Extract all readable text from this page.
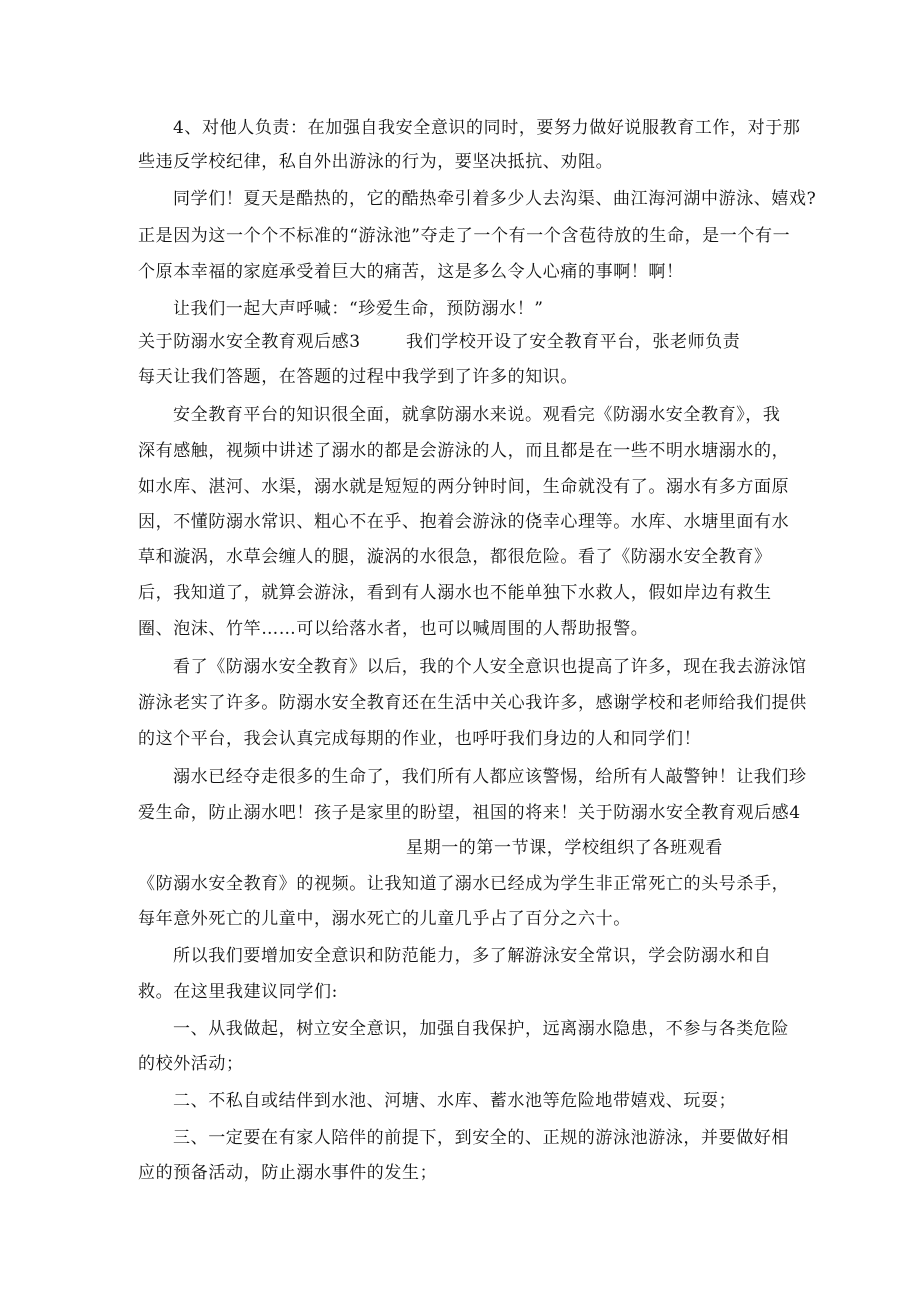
4、对他人负责：在加强自我安全意识的同时，要努力做好说服教育工作，对于那
些违反学校纪律，私自外出游泳的行为，要坚决抵抗、劝阻。
同学们！夏天是酷热的，它的酷热牵引着多少人去沟渠、曲江海河湖中游泳、嬉戏?
正是因为这一个个不标准的“游泳池”夺走了一个有一个含苞待放的生命，是一个有一
个原本幸福的家庭承受着巨大的痛苦，这是多么令人心痛的事啊！啊！
让我们一起大声呼喊：“珍爱生命，预防溺水！”
关于防溺水安全教育观后感3	我们学校开设了安全教育平台，张老师负责
每天让我们答题，在答题的过程中我学到了许多的知识。
安全教育平台的知识很全面，就拿防溺水来说。观看完《防溺水安全教育》，我
深有感触，视频中讲述了溺水的都是会游泳的人，而且都是在一些不明水塘溺水的，
如水库、湛河、水渠，溺水就是短短的两分钟时间，生命就没有了。溺水有多方面原
因，不懂防溺水常识、粗心不在乎、抱着会游泳的侥幸心理等。水库、水塘里面有水
草和漩涡，水草会缠人的腿，漩涡的水很急，都很危险。看了《防溺水安全教育》
后，我知道了，就算会游泳，看到有人溺水也不能单独下水救人，假如岸边有救生
圈、泡沫、竹竿……可以给落水者，也可以喊周围的人帮助报警。
看了《防溺水安全教育》以后，我的个人安全意识也提高了许多，现在我去游泳馆
游泳老实了许多。防溺水安全教育还在生活中关心我许多，感谢学校和老师给我们提供
的这个平台，我会认真完成每期的作业，也呼吁我们身边的人和同学们！
溺水已经夺走很多的生命了，我们所有人都应该警惕，给所有人敲警钟！让我们珍
爱生命，防止溺水吧！孩子是家里的盼望，祖国的将来！关于防溺水安全教育观后感4
星期一的第一节课，学校组织了各班观看
《防溺水安全教育》的视频。让我知道了溺水已经成为学生非正常死亡的头号杀手，
每年意外死亡的儿童中，溺水死亡的儿童几乎占了百分之六十。
所以我们要增加安全意识和防范能力，多了解游泳安全常识，学会防溺水和自
救。在这里我建议同学们:
一、从我做起，树立安全意识，加强自我保护，远离溺水隐患，不参与各类危险
的校外活动；
二、不私自或结伴到水池、河塘、水库、蓄水池等危险地带嬉戏、玩耍；
三、一定要在有家人陪伴的前提下，到安全的、正规的游泳池游泳，并要做好相
应的预备活动，防止溺水事件的发生；
